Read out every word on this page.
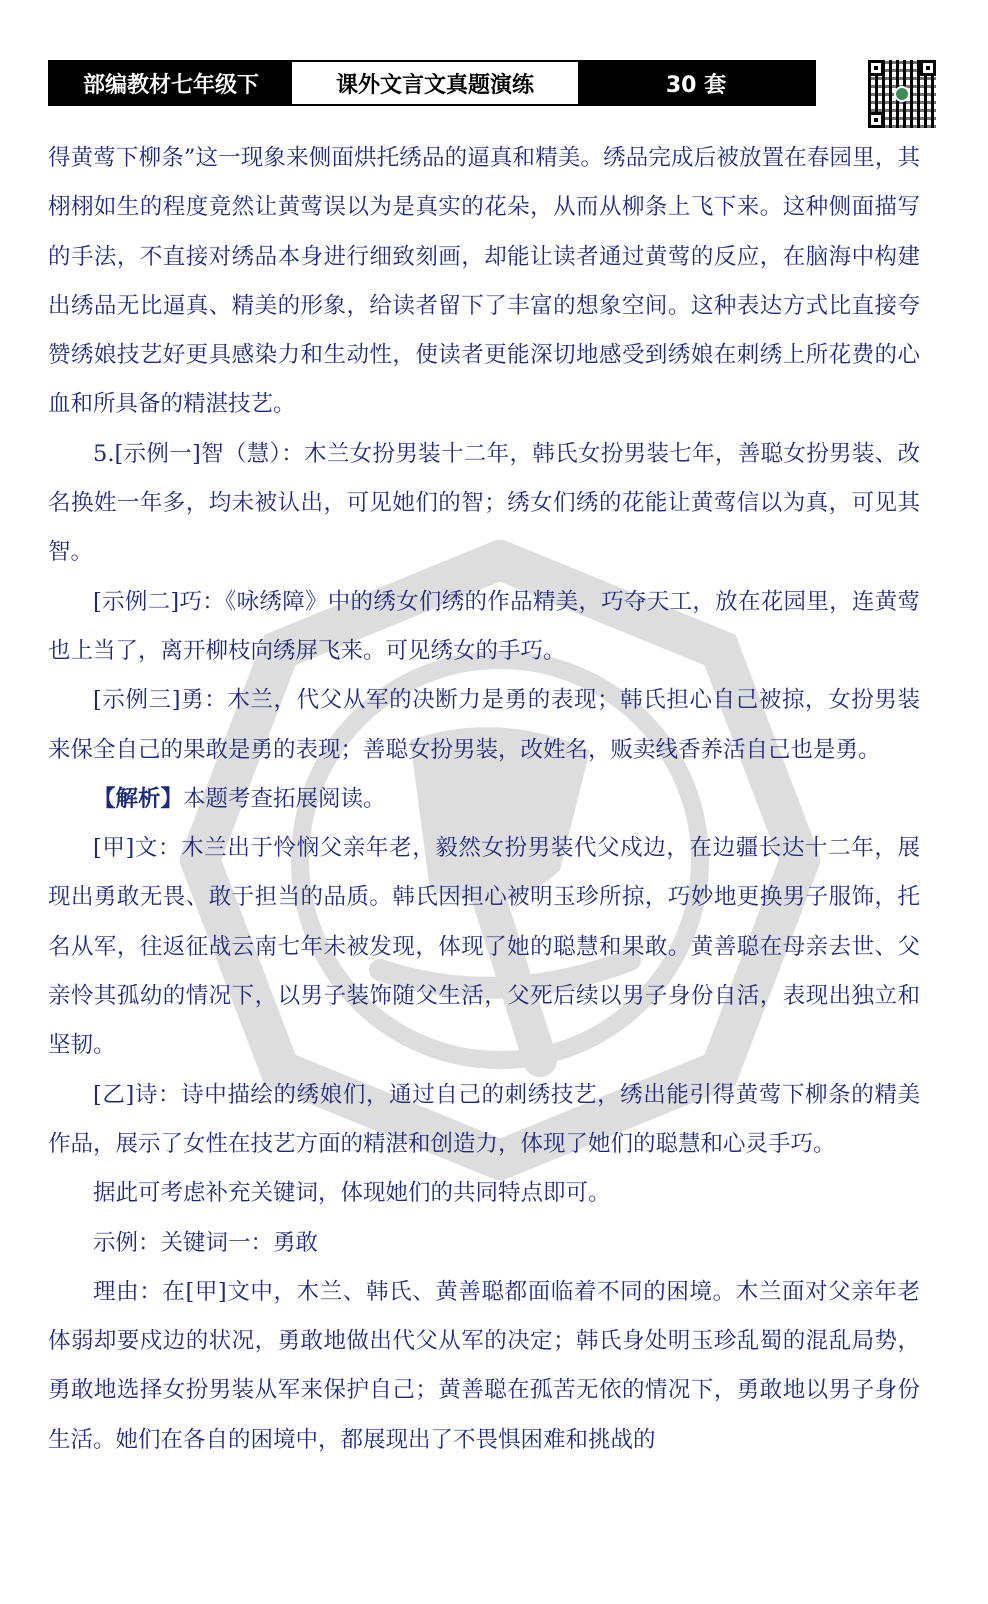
部编教材七年级下	课外文言文真题演练	30 套

得黄莺下柳条”这一现象来侧面烘托绣品的逼真和精美。绣品完成后被放置在春园里，其栩栩如生的程度竟然让黄莺误以为是真实的花朵，从而从柳条上飞下来。这种侧面描写的手法，不直接对绣品本身进行细致刻画，却能让读者通过黄莺的反应，在脑海中构建出绣品无比逼真、精美的形象，给读者留下了丰富的想象空间。这种表达方式比直接夸赞绣娘技艺好更具感染力和生动性，使读者更能深切地感受到绣娘在刺绣上所花费的心血和所具备的精湛技艺。

5.[示例一]智（慧）：木兰女扮男装十二年，韩氏女扮男装七年，善聪女扮男装、改名换姓一年多，均未被认出，可见她们的智；绣女们绣的花能让黄莺信以为真，可见其智。

[示例二]巧：《咏绣障》中的绣女们绣的作品精美，巧夺天工，放在花园里，连黄莺也上当了，离开柳枝向绣屏飞来。可见绣女的手巧。

[示例三]勇：木兰，代父从军的决断力是勇的表现；韩氏担心自己被掠，女扮男装来保全自己的果敢是勇的表现；善聪女扮男装，改姓名，贩卖线香养活自己也是勇。

【解析】本题考查拓展阅读。

[甲]文：木兰出于怜悯父亲年老，毅然女扮男装代父戍边，在边疆长达十二年，展现出勇敢无畏、敢于担当的品质。韩氏因担心被明玉珍所掠，巧妙地更换男子服饰，托名从军，往返征战云南七年未被发现，体现了她的聪慧和果敢。黄善聪在母亲去世、父亲怜其孤幼的情况下，以男子装饰随父生活，父死后续以男子身份自活，表现出独立和坚韧。

[乙]诗：诗中描绘的绣娘们，通过自己的刺绣技艺，绣出能引得黄莺下柳条的精美作品，展示了女性在技艺方面的精湛和创造力，体现了她们的聪慧和心灵手巧。

据此可考虑补充关键词，体现她们的共同特点即可。

示例：关键词一：勇敢

理由：在[甲]文中，木兰、韩氏、黄善聪都面临着不同的困境。木兰面对父亲年老体弱却要戍边的状况，勇敢地做出代父从军的决定；韩氏身处明玉珍乱蜀的混乱局势，勇敢地选择女扮男装从军来保护自己；黄善聪在孤苦无依的情况下，勇敢地以男子身份生活。她们在各自的困境中，都展现出了不畏惧困难和挑战的
